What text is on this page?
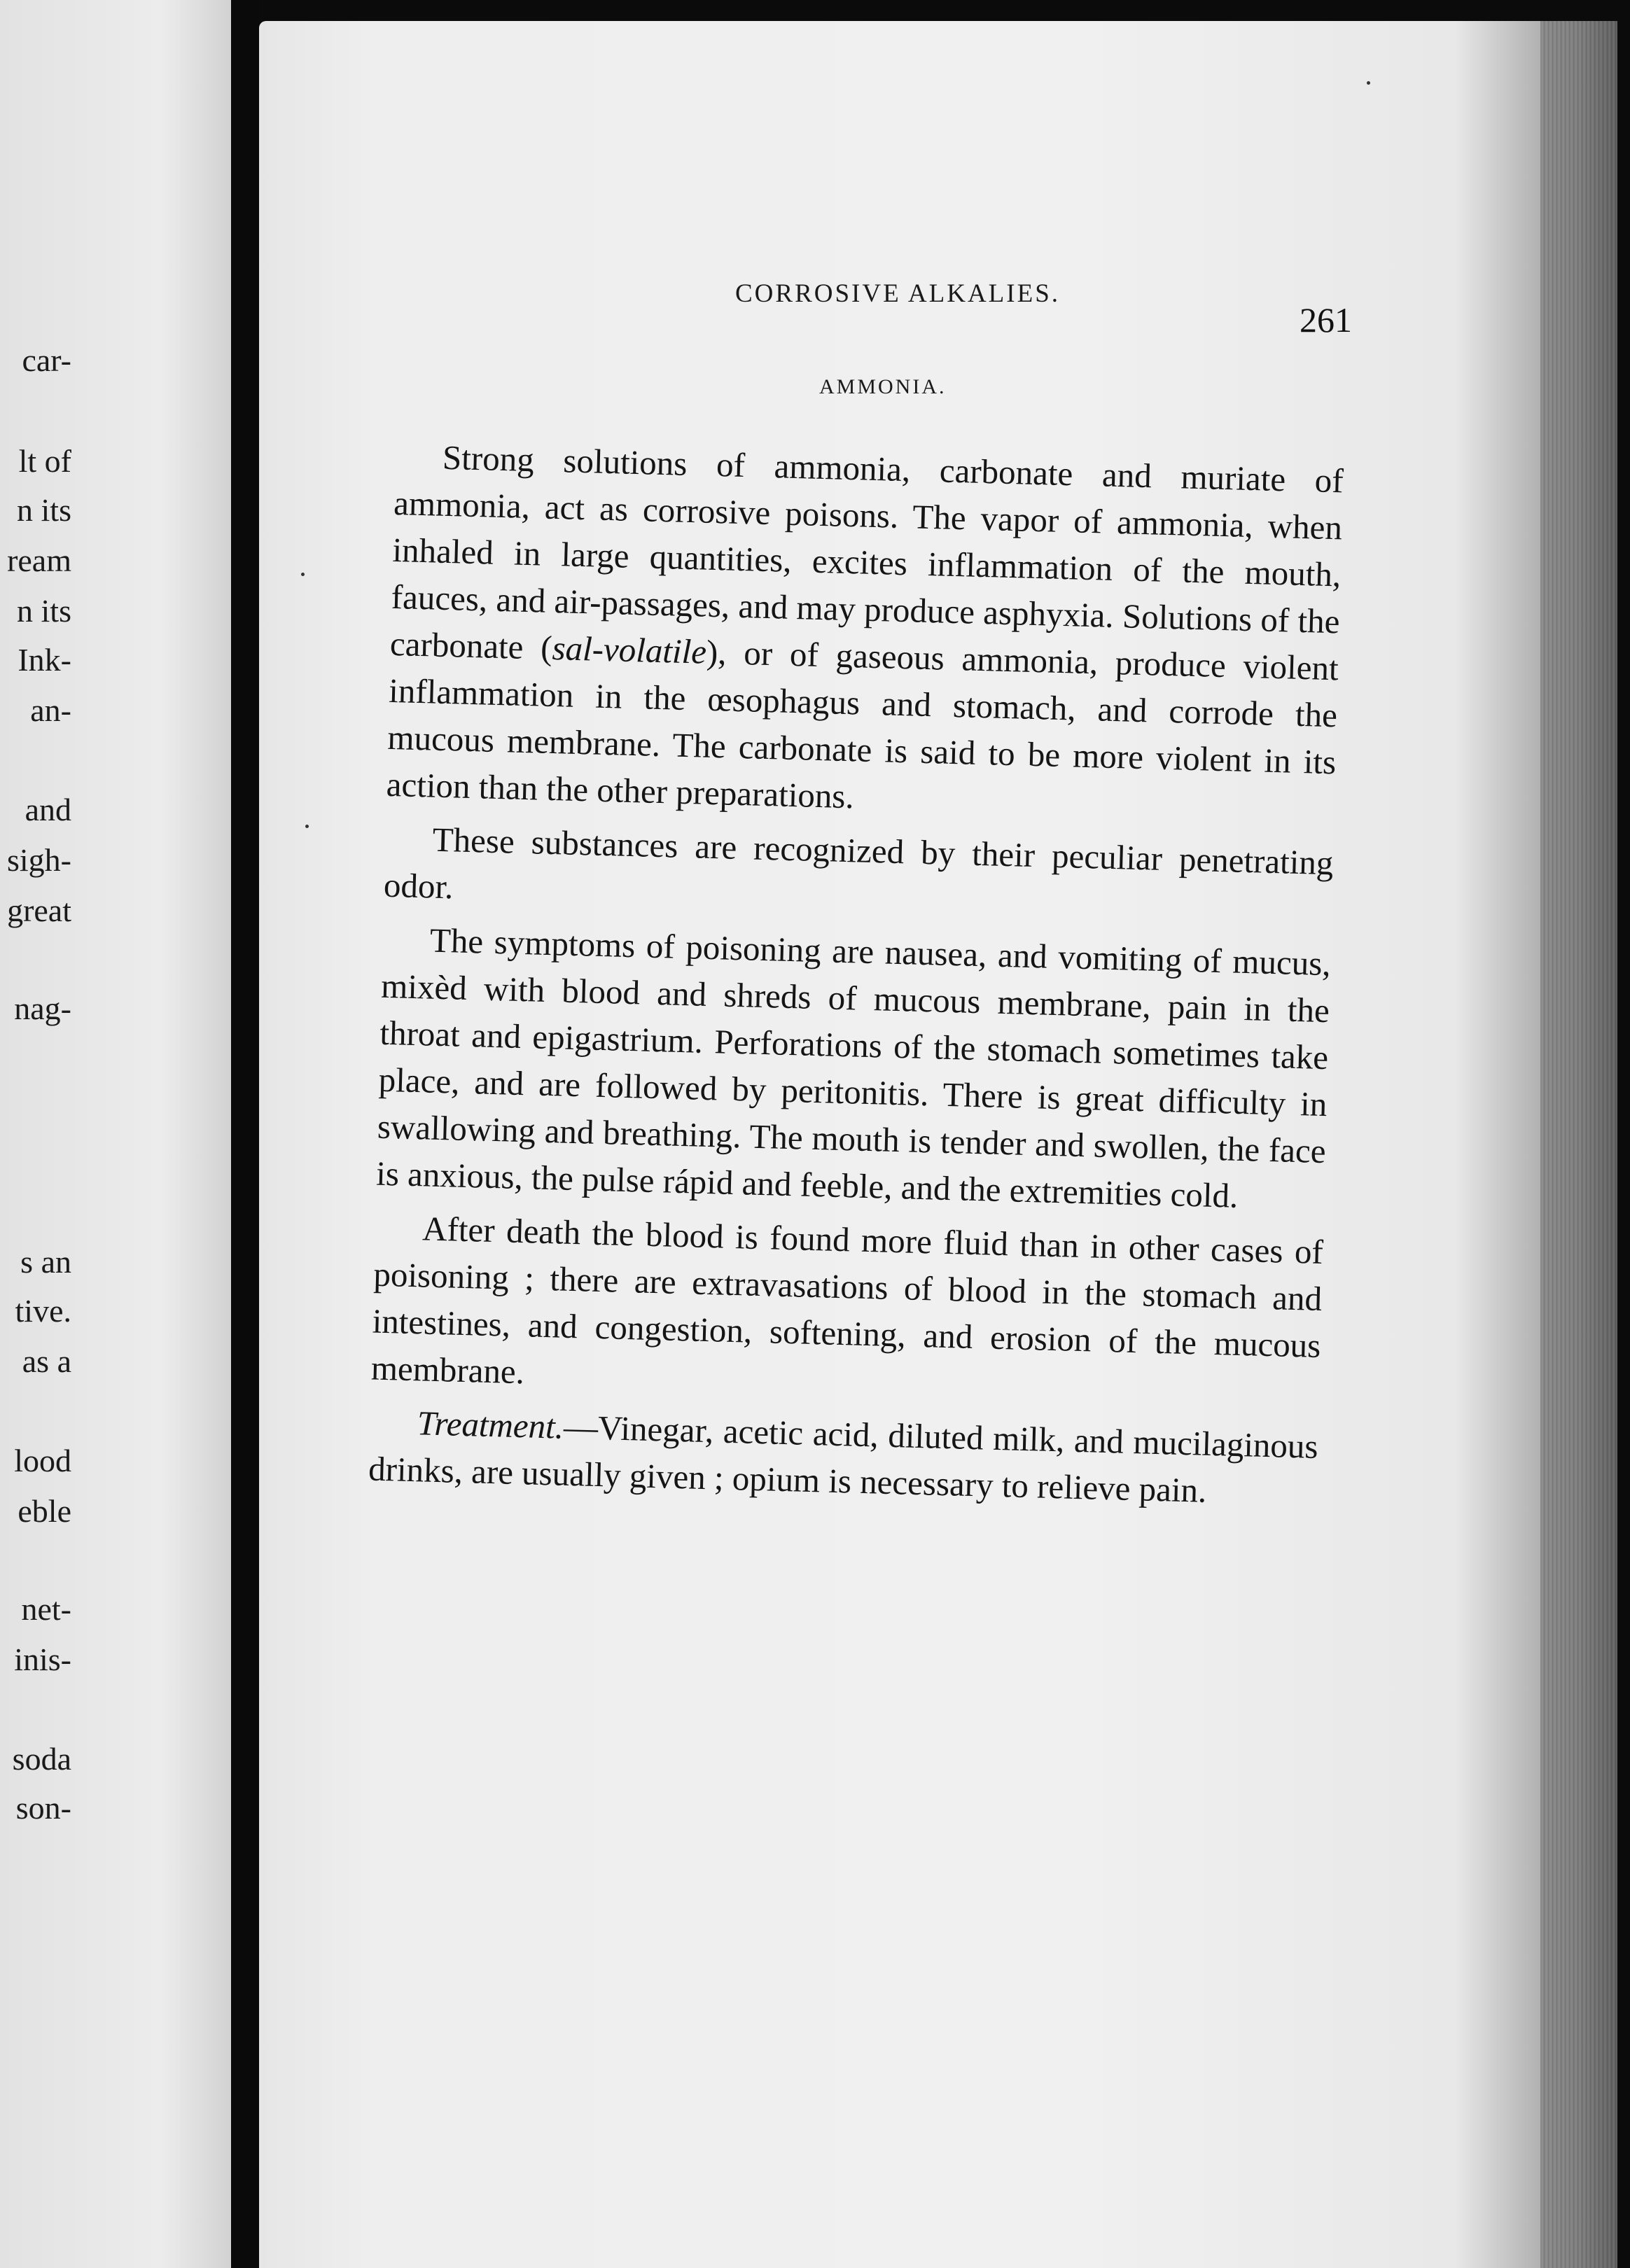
car-
lt of
n its
ream
n its
Ink-
an-
and
sigh-
great
nag-
s an
tive.
as a
lood
eble
net-
inis-
soda
son-
CORROSIVE ALKALIES.
261
AMMONIA.

Strong solutions of ammonia, carbonate and muriate of ammonia, act as corrosive poisons. The vapor of ammonia, when inhaled in large quantities, excites inflammation of the mouth, fauces, and air-passages, and may produce asphyxia. Solutions of the carbonate (sal-volatile), or of gaseous ammonia, produce violent inflammation in the œsophagus and stomach, and corrode the mucous membrane. The carbonate is said to be more violent in its action than the other preparations.

These substances are recognized by their peculiar penetrating odor.

The symptoms of poisoning are nausea, and vomiting of mucus, mixèd with blood and shreds of mucous membrane, pain in the throat and epigastrium. Perforations of the stomach sometimes take place, and are followed by peritonitis. There is great difficulty in swallowing and breathing. The mouth is tender and swollen, the face is anxious, the pulse rápid and feeble, and the extremities cold.

After death the blood is found more fluid than in other cases of poisoning ; there are extravasations of blood in the stomach and intestines, and congestion, softening, and erosion of the mucous membrane.

Treatment.—Vinegar, acetic acid, diluted milk, and mucilaginous drinks, are usually given ; opium is necessary to relieve pain.
